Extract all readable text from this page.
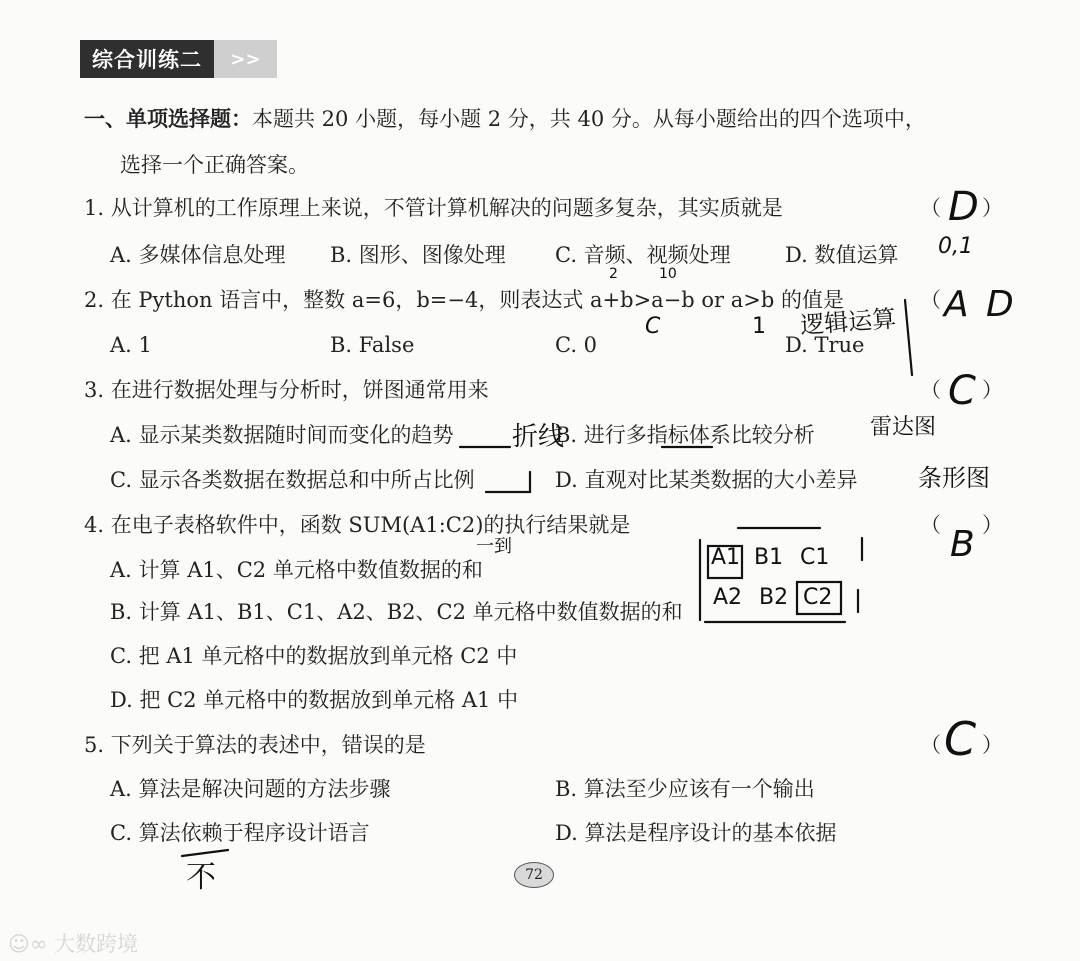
综合训练二	>>
一、单项选择题：本题共 20 小题，每小题 2 分，共 40 分。从每小题给出的四个选项中，
选择一个正确答案。
1. 从计算机的工作原理上来说，不管计算机解决的问题多复杂，其实质就是	（ ）
A. 多媒体信息处理 B. 图形、图像处理 C. 音频、视频处理	D. 数值运算
2. 在 Python 语言中，整数 a=6，b=−4，则表达式 a+b>a−b or a>b 的值是	（
A. 1	B. False	C. 0	D. True
3. 在进行数据处理与分析时，饼图通常用来	（ ）
A. 显示某类数据随时间而变化的趋势	B. 进行多指标体系比较分析
C. 显示各类数据在数据总和中所占比例	D. 直观对比某类数据的大小差异
4. 在电子表格软件中，函数 SUM(A1:C2)的执行结果就是	（ ）
A. 计算 A1、C2 单元格中数值数据的和
B. 计算 A1、B1、C1、A2、B2、C2 单元格中数值数据的和
C. 把 A1 单元格中的数据放到单元格 C2 中
D. 把 C2 单元格中的数据放到单元格 A1 中
5. 下列关于算法的表述中，错误的是	（ ）
A. 算法是解决问题的方法步骤	B. 算法至少应该有一个输出
C. 算法依赖于程序设计语言	D. 算法是程序设计的基本依据
D
0,1
2	10
A D
C	1 逻辑运算
C
折线	雷达图
条形图
B
一到	A1 B1 C1
A2 B2 C2
C
不	72
☺∞ 大数跨境
